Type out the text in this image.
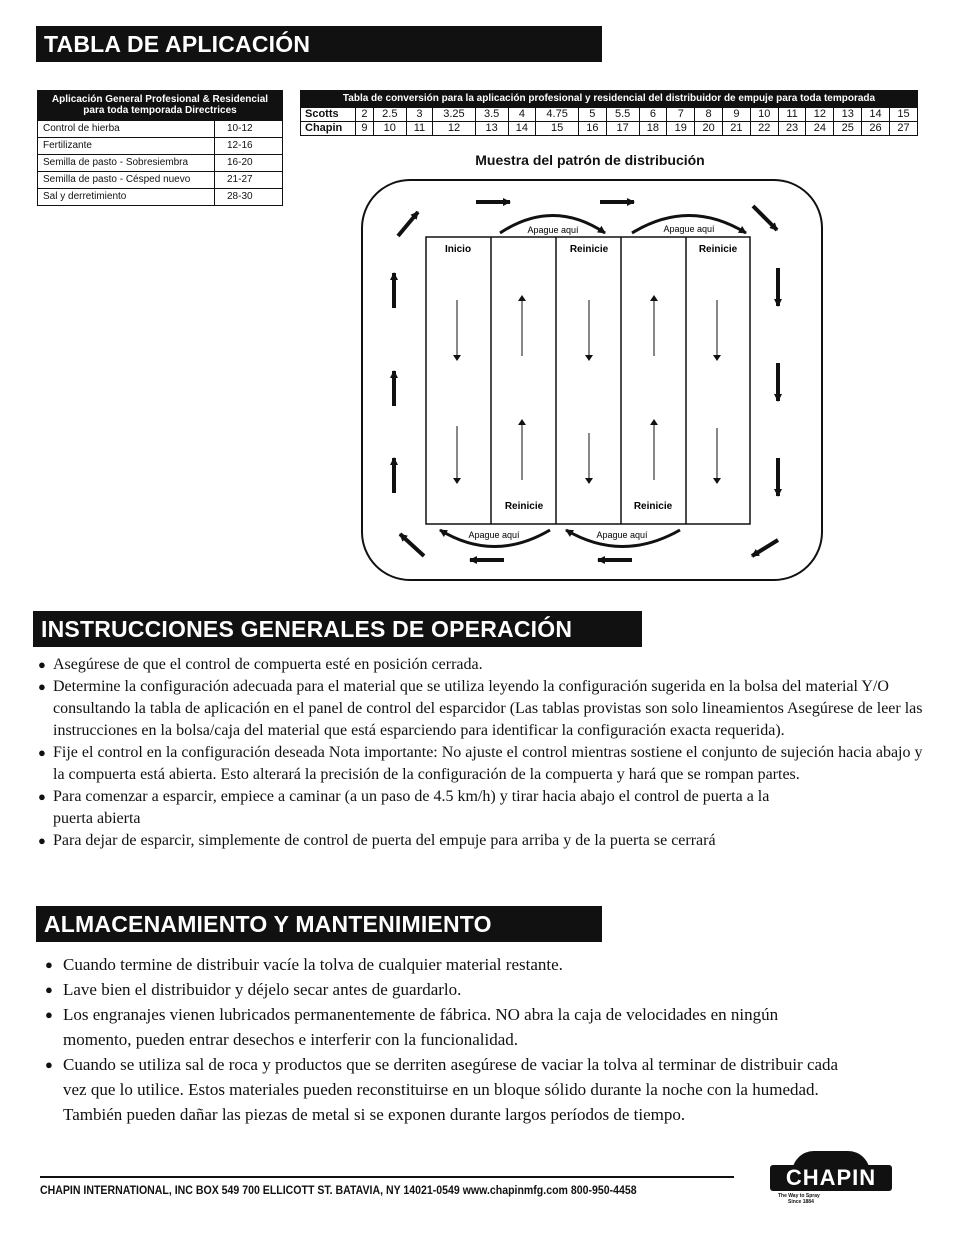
TABLA DE APLICACIÓN
Aplicación General Profesional & Residencial para toda temporada Directrices	
Control de hierba	10-12
Fertilizante	12-16
Semilla de pasto - Sobresiembra	16-20
Semilla de pasto - Césped nuevo	21-27
Sal y derretimiento	28-30
Tabla de conversión para la aplicación profesional y residencial del distribuidor de empuje para toda temporada																			
Scotts	2	2.5	3	3.25	3.5	4	4.75	5	5.5	6	7	8	9	10	11	12	13	14	15
Chapin	9	10	11	12	13	14	15	16	17	18	19	20	21	22	23	24	25	26	27
Muestra del patrón de distribución
Inicio	Reinicie	Reinicie
Reinicie	Reinicie
Apague aquí	Apague aquí
Apague aquí	Apague aquí
INSTRUCCIONES GENERALES DE OPERACIÓN
● Asegúrese de que el control de compuerta esté en posición cerrada.
● Determine la configuración adecuada para el material que se utiliza leyendo la configuración sugerida en la bolsa del material Y/O consultando la tabla de aplicación en el panel de control del esparcidor (Las tablas provistas son solo lineamientos Asegúrese de leer las instrucciones en la bolsa/caja del material que está esparciendo para identificar la configuración exacta requerida).
● Fije el control en la configuración deseada Nota importante: No ajuste el control mientras sostiene el conjunto de sujeción hacia abajo y la compuerta está abierta. Esto alterará la precisión de la configuración de la compuerta y hará que se rompan partes.
● Para comenzar a esparcir, empiece a caminar (a un paso de 4.5 km/h) y tirar hacia abajo el control de puerta a la puerta abierta
● Para dejar de esparcir, simplemente de control de puerta del empuje para arriba y de la puerta se cerrará
ALMACENAMIENTO Y MANTENIMIENTO
● Cuando termine de distribuir vacíe la tolva de cualquier material restante.
● Lave bien el distribuidor y déjelo secar antes de guardarlo.
● Los engranajes vienen lubricados permanentemente de fábrica. NO abra la caja de velocidades en ningún momento, pueden entrar desechos e interferir con la funcionalidad.
● Cuando se utiliza sal de roca y productos que se derriten asegúrese de vaciar la tolva al terminar de distribuir cada vez que lo utilice. Estos materiales pueden reconstituirse en un bloque sólido durante la noche con la humedad. También pueden dañar las piezas de metal si se exponen durante largos períodos de tiempo.
CHAPIN INTERNATIONAL, INC BOX 549 700 ELLICOTT ST. BATAVIA, NY 14021-0549 www.chapinmfg.com 800-950-4458	CHAPIN
The Way to Spray
Since 1884
